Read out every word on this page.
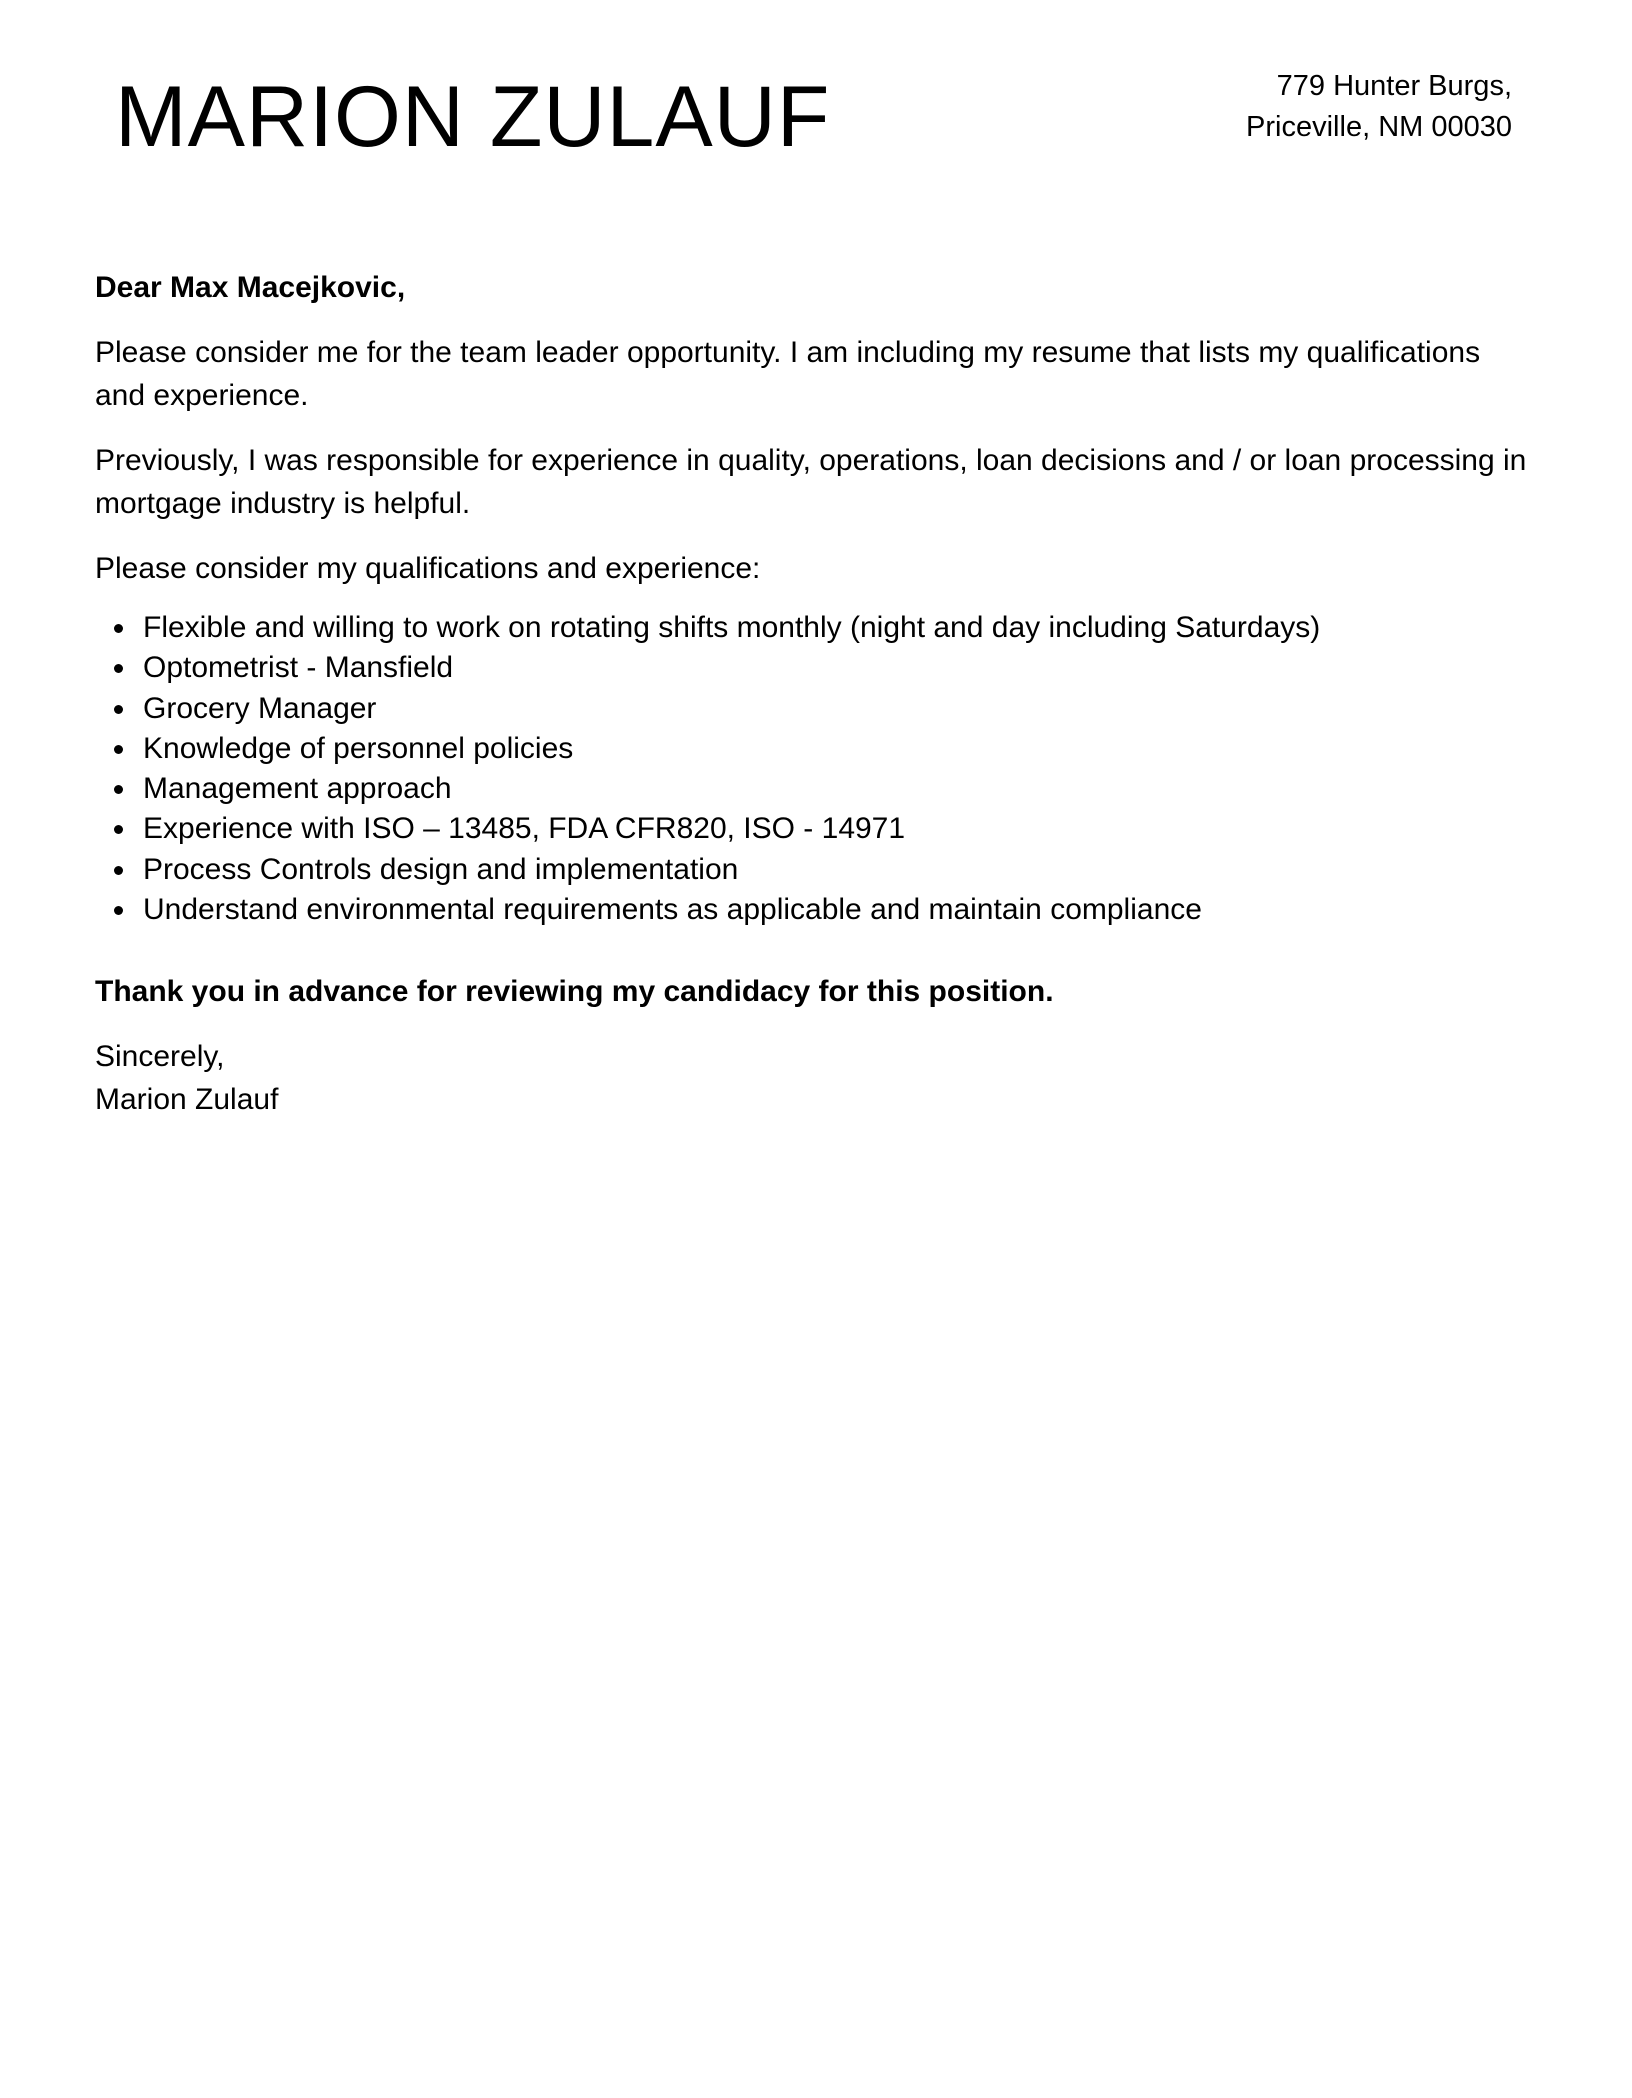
MARION ZULAUF	779 Hunter Burgs,
Priceville, NM 00030

Dear Max Macejkovic,

Please consider me for the team leader opportunity. I am including my resume that lists my qualifications and experience.

Previously, I was responsible for experience in quality, operations, loan decisions and / or loan processing in mortgage industry is helpful.

Please consider my qualifications and experience:

Flexible and willing to work on rotating shifts monthly (night and day including Saturdays)
Optometrist - Mansfield
Grocery Manager
Knowledge of personnel policies
Management approach
Experience with ISO – 13485, FDA CFR820, ISO - 14971
Process Controls design and implementation
Understand environmental requirements as applicable and maintain compliance

Thank you in advance for reviewing my candidacy for this position.

Sincerely,
Marion Zulauf
